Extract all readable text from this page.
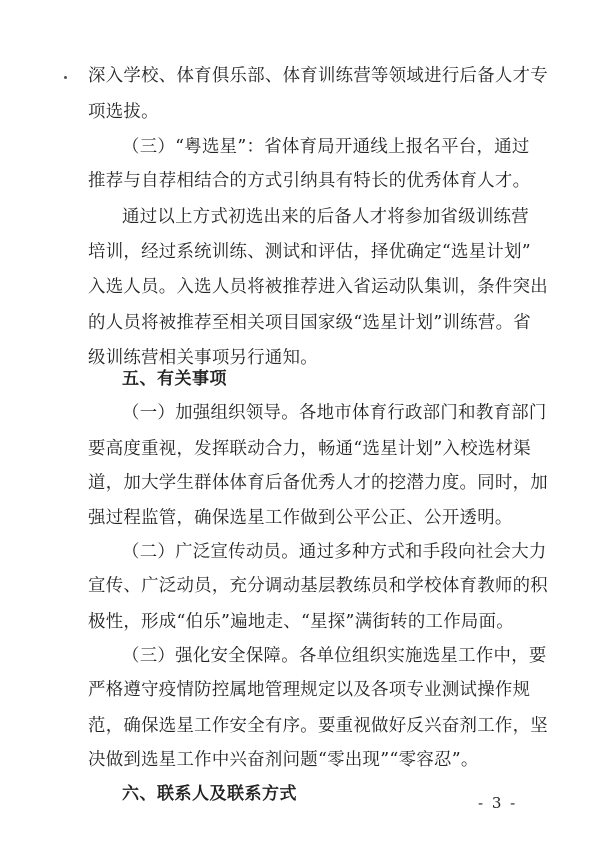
深入学校、体育俱乐部、体育训练营等领域进行后备人才专
项选拔。
（三）“粤选星”：省体育局开通线上报名平台，通过
推荐与自荐相结合的方式引纳具有特长的优秀体育人才。
通过以上方式初选出来的后备人才将参加省级训练营
培训，经过系统训练、测试和评估，择优确定“选星计划”
入选人员。入选人员将被推荐进入省运动队集训，条件突出
的人员将被推荐至相关项目国家级“选星计划”训练营。省
级训练营相关事项另行通知。
五、有关事项
（一）加强组织领导。各地市体育行政部门和教育部门
要高度重视，发挥联动合力，畅通“选星计划”入校选材渠
道，加大学生群体体育后备优秀人才的挖潜力度。同时，加
强过程监管，确保选星工作做到公平公正、公开透明。
（二）广泛宣传动员。通过多种方式和手段向社会大力
宣传、广泛动员，充分调动基层教练员和学校体育教师的积
极性，形成“伯乐”遍地走、“星探”满街转的工作局面。
（三）强化安全保障。各单位组织实施选星工作中，要
严格遵守疫情防控属地管理规定以及各项专业测试操作规
范，确保选星工作安全有序。要重视做好反兴奋剂工作，坚
决做到选星工作中兴奋剂问题“零出现”“零容忍”。
六、联系人及联系方式	- 3 -
